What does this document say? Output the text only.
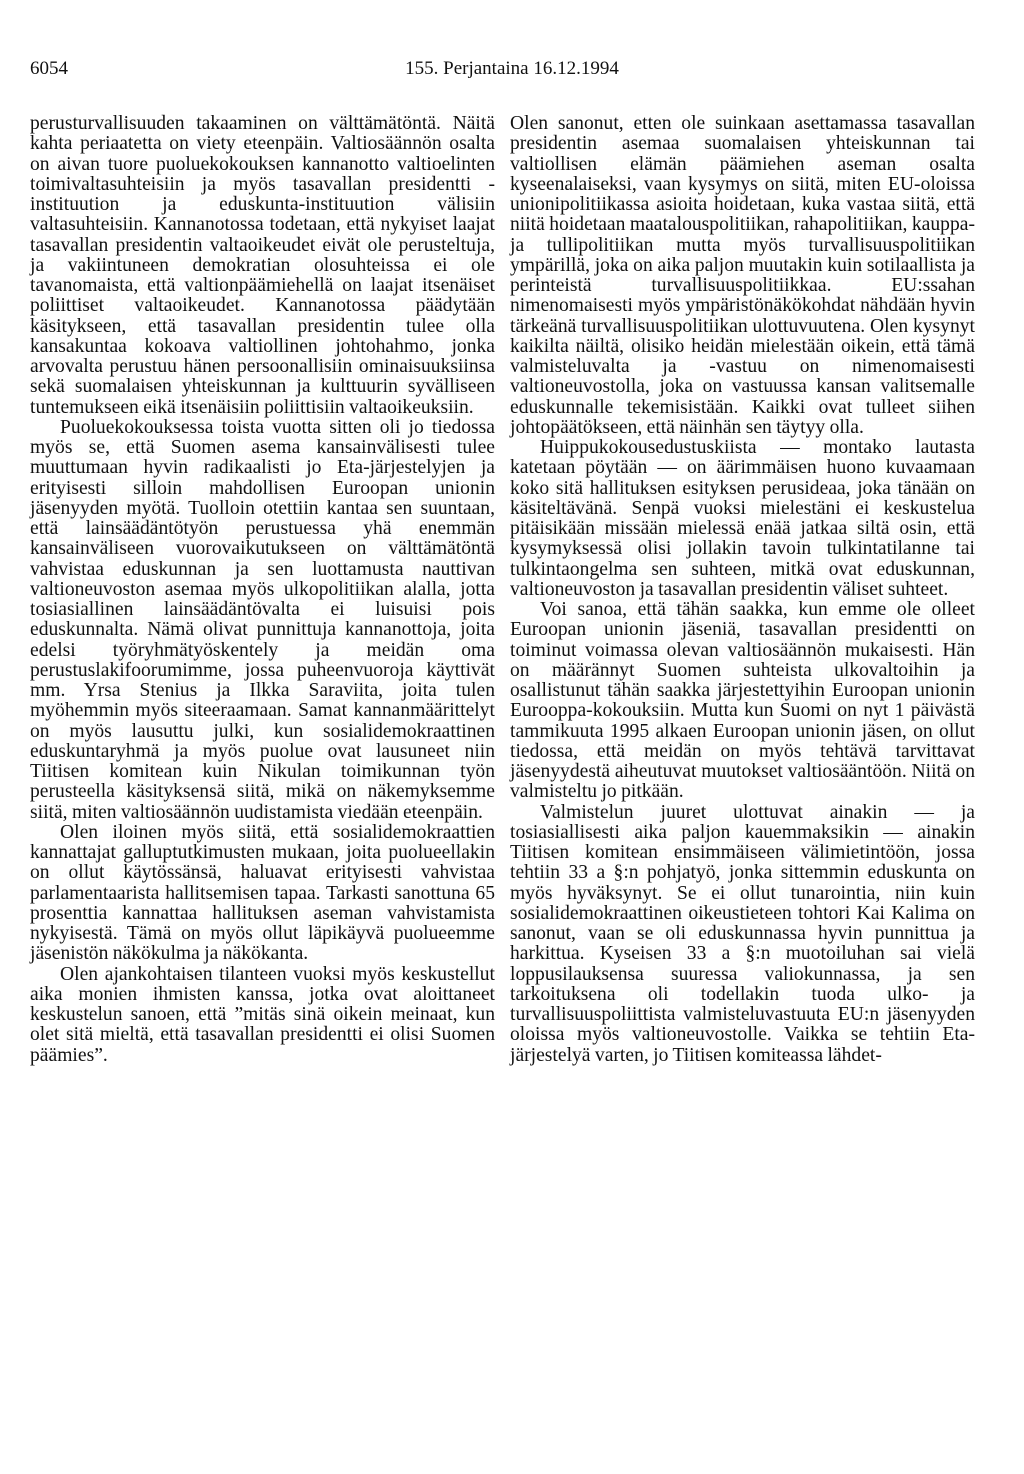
6054	155. Perjantaina 16.12.1994

perusturvallisuuden takaaminen on välttämätöntä. Näitä kahta periaatetta on viety eteenpäin. Valtiosäännön osalta on aivan tuore puoluekokouksen kannanotto valtioelinten toimivaltasuhteisiin ja myös tasavallan presidentti -instituution ja eduskunta-instituution välisiin valtasuhteisiin. Kannanotossa todetaan, että nykyiset laajat tasavallan presidentin valtaoikeudet eivät ole perusteltuja, ja vakiintuneen demokratian olosuhteissa ei ole tavanomaista, että valtionpäämiehellä on laajat itsenäiset poliittiset valtaoikeudet. Kannanotossa päädytään käsitykseen, että tasavallan presidentin tulee olla kansakuntaa kokoava valtiollinen johtohahmo, jonka arvovalta perustuu hänen persoonallisiin ominaisuuksiinsa sekä suomalaisen yhteiskunnan ja kulttuurin syvälliseen tuntemukseen eikä itsenäisiin poliittisiin valtaoikeuksiin.

Puoluekokouksessa toista vuotta sitten oli jo tiedossa myös se, että Suomen asema kansainvälisesti tulee muuttumaan hyvin radikaalisti jo Eta-järjestelyjen ja erityisesti silloin mahdollisen Euroopan unionin jäsenyyden myötä. Tuolloin otettiin kantaa sen suuntaan, että lainsäädäntötyön perustuessa yhä enemmän kansainväliseen vuorovaikutukseen on välttämätöntä vahvistaa eduskunnan ja sen luottamusta nauttivan valtioneuvoston asemaa myös ulkopolitiikan alalla, jotta tosiasiallinen lainsäädäntövalta ei luisuisi pois eduskunnalta. Nämä olivat punnittuja kannanottoja, joita edelsi työryhmätyöskentely ja meidän oma perustuslakifoorumimme, jossa puheenvuoroja käyttivät mm. Yrsa Stenius ja Ilkka Saraviita, joita tulen myöhemmin myös siteeraamaan. Samat kannanmäärittelyt on myös lausuttu julki, kun sosialidemokraattinen eduskuntaryhmä ja myös puolue ovat lausuneet niin Tiitisen komitean kuin Nikulan toimikunnan työn perusteella käsityksensä siitä, mikä on näkemyksemme siitä, miten valtiosäännön uudistamista viedään eteenpäin.

Olen iloinen myös siitä, että sosialidemokraattien kannattajat galluptutkimusten mukaan, joita puolueellakin on ollut käytössänsä, haluavat erityisesti vahvistaa parlamentaarista hallitsemisen tapaa. Tarkasti sanottuna 65 prosenttia kannattaa hallituksen aseman vahvistamista nykyisestä. Tämä on myös ollut läpikäyvä puolueemme jäsenistön näkökulma ja näkökanta.

Olen ajankohtaisen tilanteen vuoksi myös keskustellut aika monien ihmisten kanssa, jotka ovat aloittaneet keskustelun sanoen, että ”mitäs sinä oikein meinaat, kun olet sitä mieltä, että tasavallan presidentti ei olisi Suomen päämies”.

Olen sanonut, etten ole suinkaan asettamassa tasavallan presidentin asemaa suomalaisen yhteiskunnan tai valtiollisen elämän päämiehen aseman osalta kyseenalaiseksi, vaan kysymys on siitä, miten EU-oloissa unionipolitiikassa asioita hoidetaan, kuka vastaa siitä, että niitä hoidetaan maatalouspolitiikan, rahapolitiikan, kauppa- ja tullipolitiikan mutta myös turvallisuuspolitiikan ympärillä, joka on aika paljon muutakin kuin sotilaallista ja perinteistä turvallisuuspolitiikkaa. EU:ssahan nimenomaisesti myös ympäristönäkökohdat nähdään hyvin tärkeänä turvallisuuspolitiikan ulottuvuutena. Olen kysynyt kaikilta näiltä, olisiko heidän mielestään oikein, että tämä valmisteluvalta ja -vastuu on nimenomaisesti valtioneuvostolla, joka on vastuussa kansan valitsemalle eduskunnalle tekemisistään. Kaikki ovat tulleet siihen johtopäätökseen, että näinhän sen täytyy olla.

Huippukokousedustuskiista — montako lautasta katetaan pöytään — on äärimmäisen huono kuvaamaan koko sitä hallituksen esityksen perusideaa, joka tänään on käsiteltävänä. Senpä vuoksi mielestäni ei keskustelua pitäisikään missään mielessä enää jatkaa siltä osin, että kysymyksessä olisi jollakin tavoin tulkintatilanne tai tulkintaongelma sen suhteen, mitkä ovat eduskunnan, valtioneuvoston ja tasavallan presidentin väliset suhteet.

Voi sanoa, että tähän saakka, kun emme ole olleet Euroopan unionin jäseniä, tasavallan presidentti on toiminut voimassa olevan valtiosäännön mukaisesti. Hän on määrännyt Suomen suhteista ulkovaltoihin ja osallistunut tähän saakka järjestettyihin Euroopan unionin Eurooppa-kokouksiin. Mutta kun Suomi on nyt 1 päivästä tammikuuta 1995 alkaen Euroopan unionin jäsen, on ollut tiedossa, että meidän on myös tehtävä tarvittavat jäsenyydestä aiheutuvat muutokset valtiosääntöön. Niitä on valmisteltu jo pitkään.

Valmistelun juuret ulottuvat ainakin — ja tosiasiallisesti aika paljon kauemmaksikin — ainakin Tiitisen komitean ensimmäiseen välimietintöön, jossa tehtiin 33 a §:n pohjatyö, jonka sittemmin eduskunta on myös hyväksynyt. Se ei ollut tunarointia, niin kuin sosialidemokraattinen oikeustieteen tohtori Kai Kalima on sanonut, vaan se oli eduskunnassa hyvin punnittua ja harkittua. Kyseisen 33 a §:n muotoiluhan sai vielä loppusilauksensa suuressa valiokunnassa, ja sen tarkoituksena oli todellakin tuoda ulko- ja turvallisuuspoliittista valmisteluvastuuta EU:n jäsenyyden oloissa myös valtioneuvostolle. Vaikka se tehtiin Eta-järjestelyä varten, jo Tiitisen komiteassa lähdet-
